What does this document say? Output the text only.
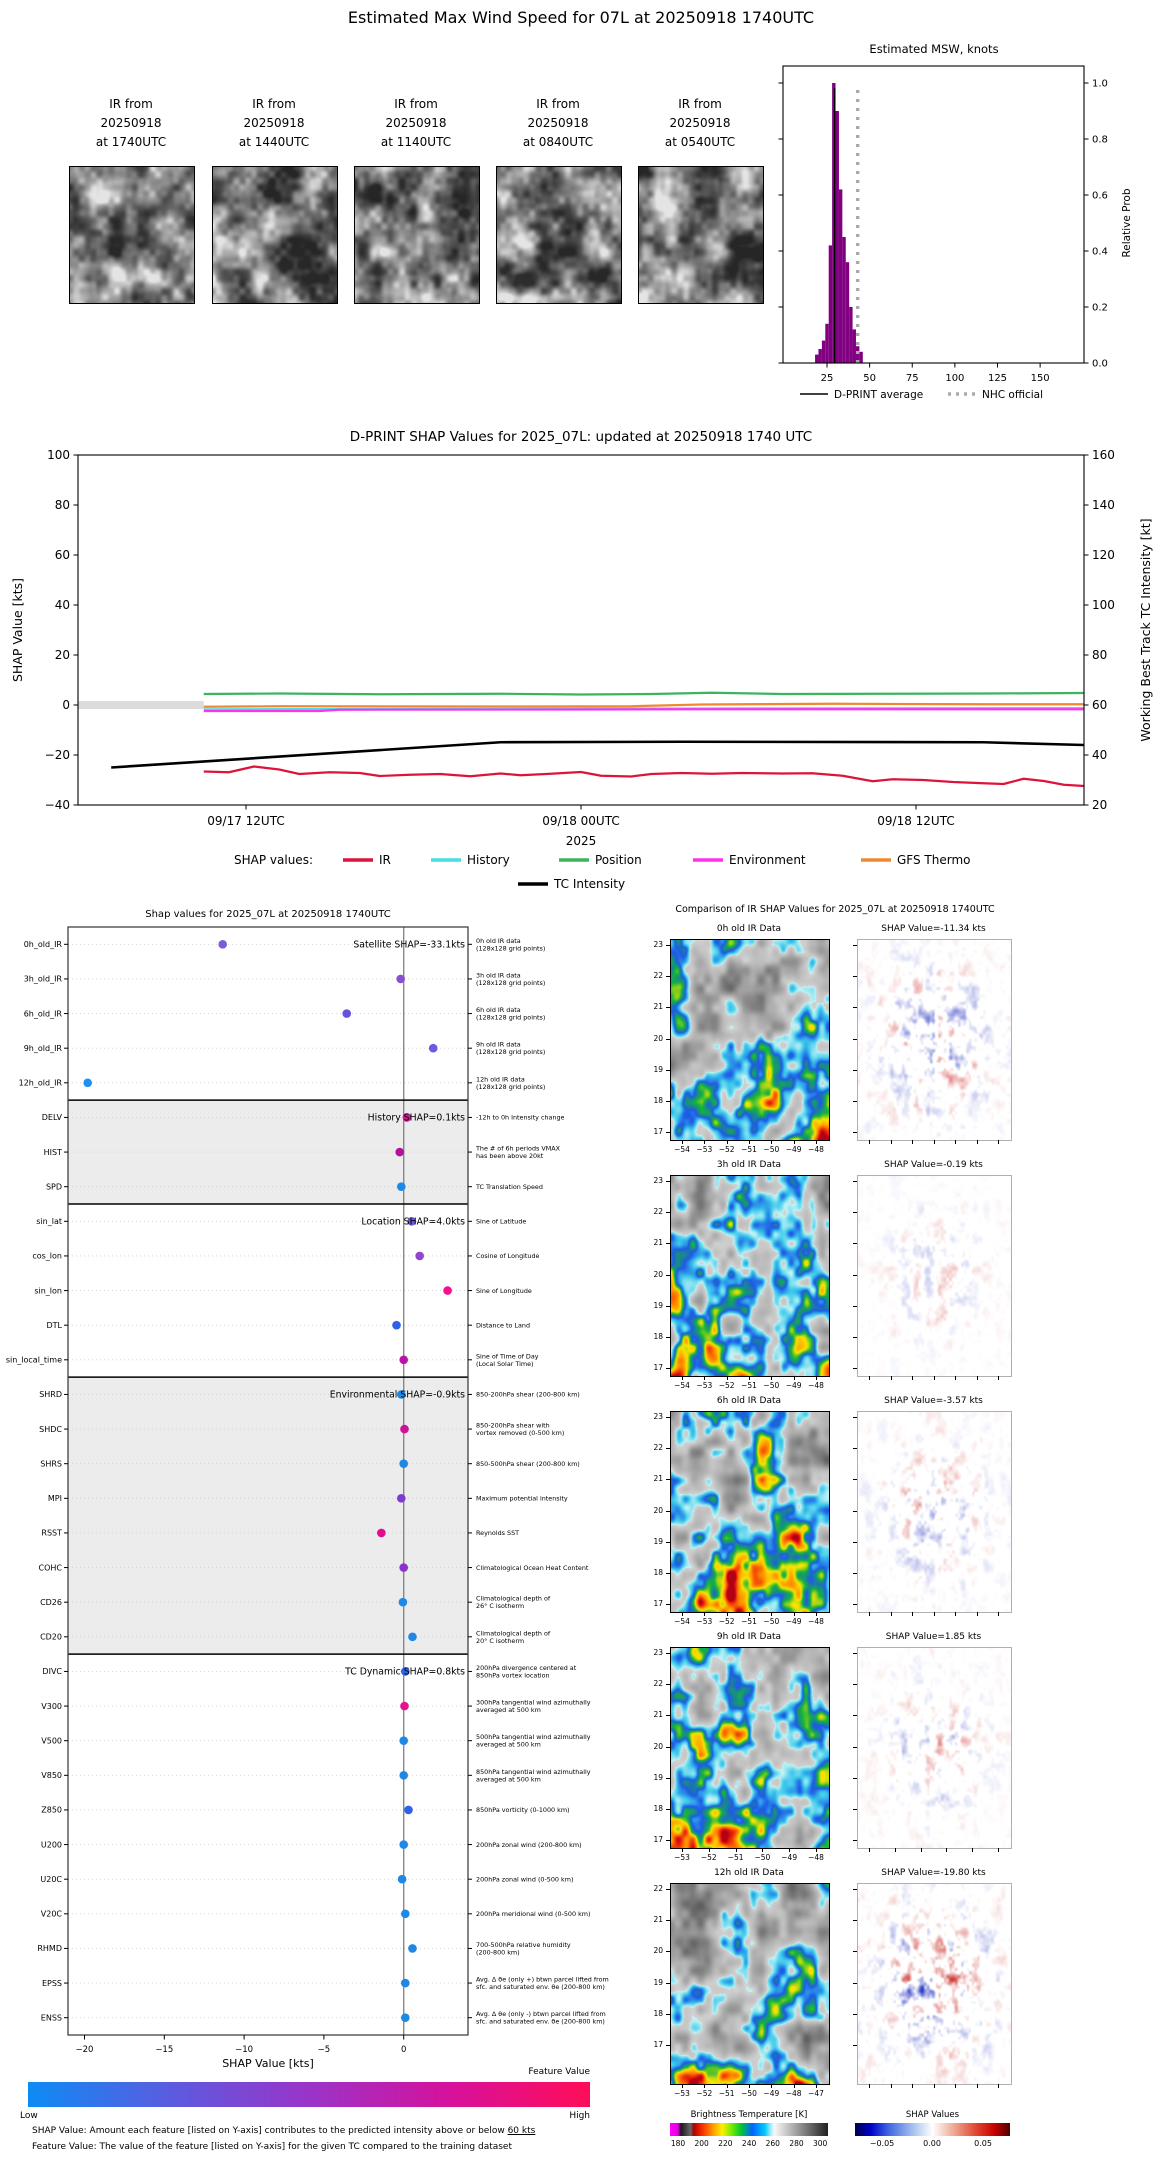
Estimated Max Wind Speed for 07L at 20250918 1740UTC
IR from
20250918
at 1740UTC
IR from
20250918
at 1440UTC
IR from
20250918
at 1140UTC
IR from
20250918
at 0840UTC
IR from
20250918
at 0540UTC
Estimated MSW, knots
25	50	75	100 125 150
0.0
0.2
0.4
0.6
0.8
1.0
Relative Prob
D-PRINT average	NHC official
D-PRINT SHAP Values for 2025_07L: updated at 20250918 1740 UTC
−40	20
−20	40
0	60
20	80
40	100
60	120
80	140
100	160
09/17 12UTC	09/18 00UTC	09/18 12UTC
2025
SHAP Value [kts]	Working Best Track TC Intensity [kt]
SHAP values:	IR	History	Position	Environment	GFS Thermo
TC Intensity
Shap values for 2025_07L at 20250918 1740UTC
Satellite SHAP=-33.1kts
History SHAP=0.1kts
Location SHAP=4.0kts
Environmental SHAP=-0.9kts
TC Dynamic SHAP=0.8kts
0h_old_IR	0h old IR data
(128x128 grid points)
3h_old_IR	3h old IR data
(128x128 grid points)
6h_old_IR	6h old IR data
(128x128 grid points)
9h_old_IR	9h old IR data
(128x128 grid points)
12h_old_IR	12h old IR data
(128x128 grid points)
DELV	-12h to 0h Intensity change
HIST	The # of 6h periods VMAX
has been above 20kt
SPD	TC Translation Speed
sin_lat	Sine of Latitude
cos_lon	Cosine of Longitude
sin_lon	Sine of Longitude
DTL	Distance to Land
sin_local_time	Sine of Time of Day
(Local Solar Time)
SHRD	850-200hPa shear (200-800 km)
SHDC	850-200hPa shear with
vortex removed (0-500 km)
SHRS	850-500hPa shear (200-800 km)
MPI	Maximum potential intensity
RSST	Reynolds SST
COHC	Climatological Ocean Heat Content
CD26	Climatological depth of
26° C isotherm
CD20	Climatological depth of
20° C isotherm
DIVC	200hPa divergence centered at
850hPa vortex location
V300	300hPa tangential wind azimuthally
averaged at 500 km
V500	500hPa tangential wind azimuthally
averaged at 500 km
V850	850hPa tangential wind azimuthally
averaged at 500 km
Z850	850hPa vorticity (0-1000 km)
U200	200hPa zonal wind (200-800 km)
U20C	200hPa zonal wind (0-500 km)
V20C	200hPa meridional wind (0-500 km)
RHMD	700-500hPa relative humidity
(200-800 km)
EPSS	Avg. Δ θe (only +) btwn parcel lifted from
sfc. and saturated env. θe (200-800 km)
ENSS	Avg. Δ θe (only -) btwn parcel lifted from
sfc. and saturated env. θe (200-800 km)
−20	−15	−10	−5	0
SHAP Value [kts]
Feature Value
Low	High
SHAP Value: Amount each feature [listed on Y-axis] contributes to the predicted intensity above or below 60 kts
Feature Value: The value of the feature [listed on Y-axis] for the given TC compared to the training dataset
Comparison of IR SHAP Values for 2025_07L at 20250918 1740UTC
0h old IR Data	SHAP Value=-11.34 kts
23
22
21
20
19
18
17
−54 −53 −52 −51 −50 −49 −48
3h old IR Data	SHAP Value=-0.19 kts
23
22
21
20
19
18
17
−54 −53 −52 −51 −50 −49 −48
6h old IR Data	SHAP Value=-3.57 kts
23
22
21
20
19
18
17
−54 −53 −52 −51 −50 −49 −48
9h old IR Data	SHAP Value=1.85 kts
23
22
21
20
19
18
17
−53	−52	−51	−50	−49	−48
12h old IR Data	SHAP Value=-19.80 kts
22
21
20
19
18
17
−53 −52 −51 −50 −49 −48 −47
Brightness Temperature [K]
180	200	220	240	260	280	300
SHAP Values
−0.05	0.00	0.05
